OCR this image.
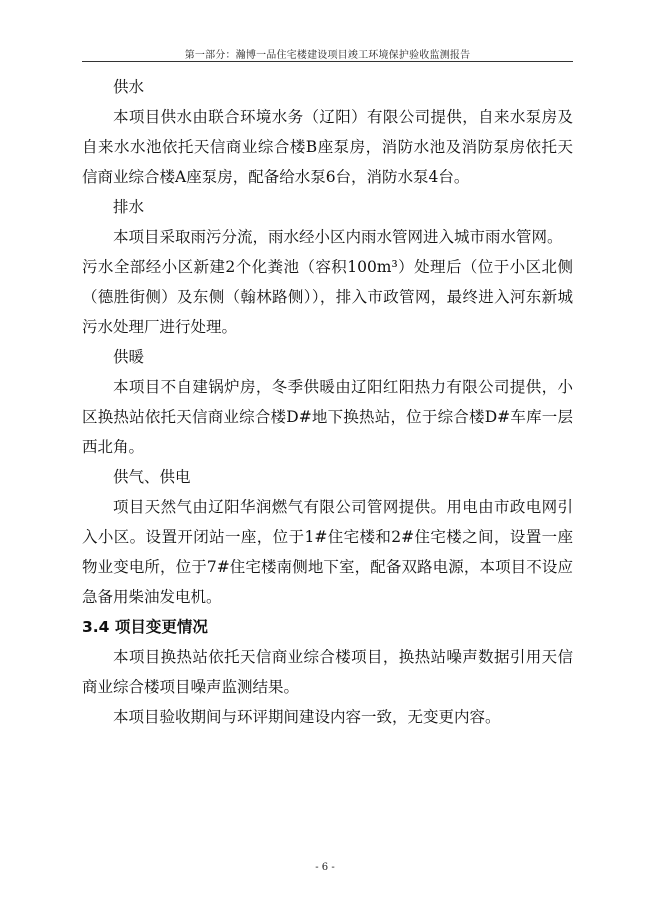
第一部分：瀚博一品住宅楼建设项目竣工环境保护验收监测报告
供水

本项目供水由联合环境水务（辽阳）有限公司提供，自来水泵房及自来水水池依托天信商业综合楼B座泵房，消防水池及消防泵房依托天信商业综合楼A座泵房，配备给水泵6台，消防水泵4台。

排水

本项目采取雨污分流，雨水经小区内雨水管网进入城市雨水管网。

污水全部经小区新建2个化粪池（容积100m³）处理后（位于小区北侧（德胜街侧）及东侧（翰林路侧）），排入市政管网，最终进入河东新城污水处理厂进行处理。

供暖

本项目不自建锅炉房，冬季供暖由辽阳红阳热力有限公司提供，小区换热站依托天信商业综合楼D#地下换热站，位于综合楼D#车库一层西北角。

供气、供电

项目天然气由辽阳华润燃气有限公司管网提供。用电由市政电网引入小区。设置开闭站一座，位于1#住宅楼和2#住宅楼之间，设置一座物业变电所，位于7#住宅楼南侧地下室，配备双路电源，本项目不设应急备用柴油发电机。

3.4 项目变更情况

本项目换热站依托天信商业综合楼项目，换热站噪声数据引用天信商业综合楼项目噪声监测结果。

本项目验收期间与环评期间建设内容一致，无变更内容。

- 6 -
